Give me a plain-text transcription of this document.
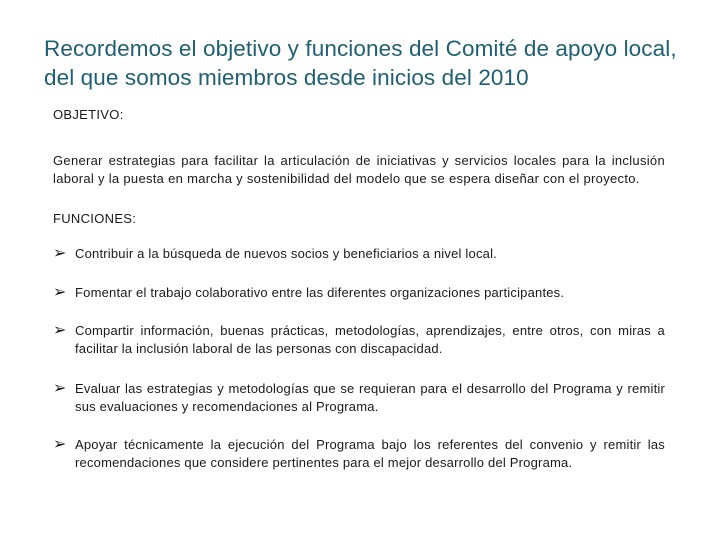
Recordemos el objetivo y funciones del Comité de apoyo local, del que somos miembros desde inicios del 2010

OBJETIVO:

Generar estrategias para facilitar la articulación de iniciativas y servicios locales para la inclusión laboral y la puesta en marcha y sostenibilidad del modelo que se espera diseñar con el proyecto.

FUNCIONES:

➢ Contribuir a la búsqueda de nuevos socios y beneficiarios a nivel local.
➢ Fomentar el trabajo colaborativo entre las diferentes organizaciones participantes.
➢ Compartir información, buenas prácticas, metodologías, aprendizajes, entre otros, con miras a facilitar la inclusión laboral de las personas con discapacidad.
➢ Evaluar las estrategias y metodologías que se requieran para el desarrollo del Programa y remitir sus evaluaciones y recomendaciones al Programa.
➢ Apoyar técnicamente la ejecución del Programa bajo los referentes del convenio y remitir las recomendaciones que considere pertinentes para el mejor desarrollo del Programa.
